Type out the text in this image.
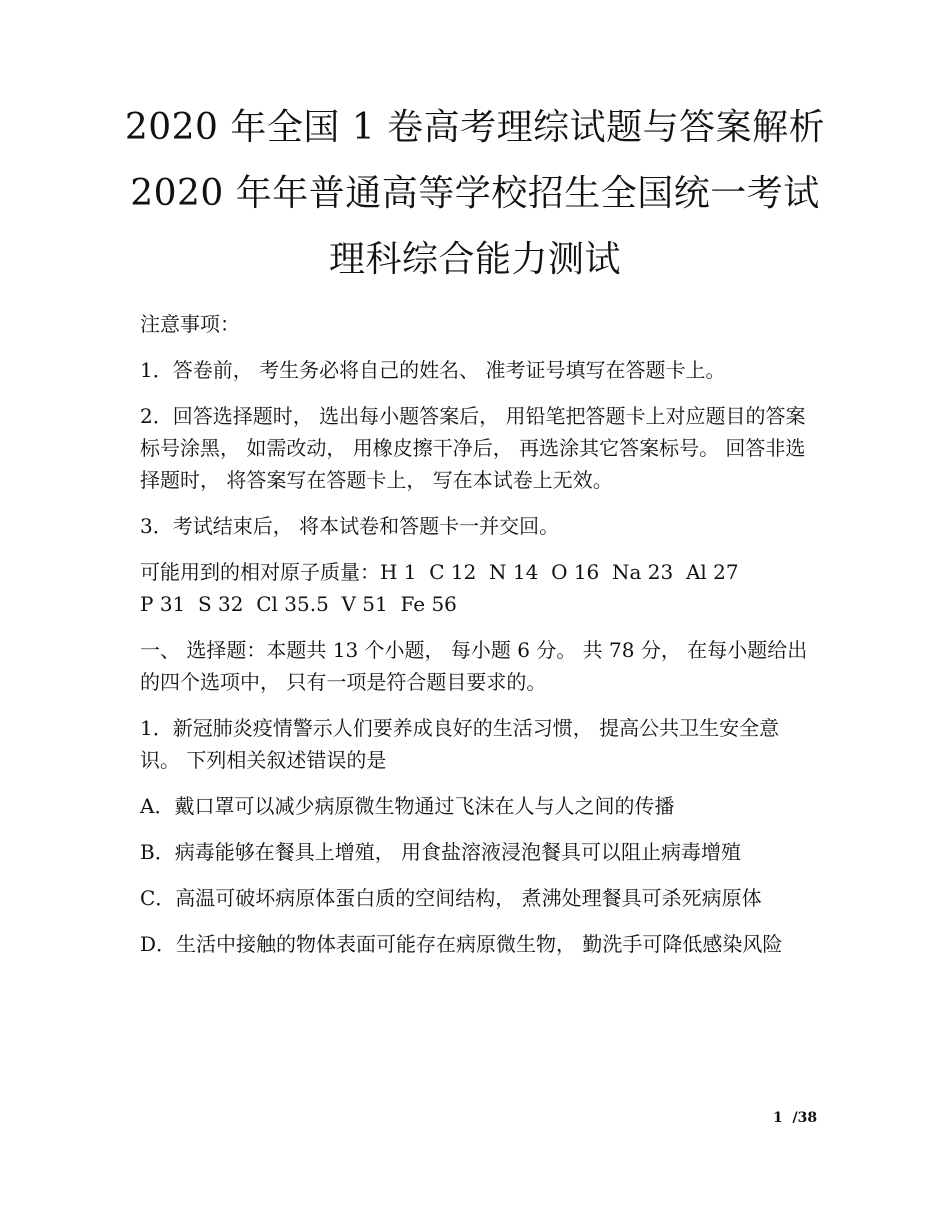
2020 年全国 1 卷高考理综试题与答案解析
2020 年年普通高等学校招生全国统一考试
理科综合能力测试

注意事项：

1．答卷前， 考生务必将自己的姓名、 准考证号填写在答题卡上。

2．回答选择题时， 选出每小题答案后， 用铅笔把答题卡上对应题目的答案标号涂黑， 如需改动， 用橡皮擦干净后， 再选涂其它答案标号。 回答非选择题时， 将答案写在答题卡上， 写在本试卷上无效。

3．考试结束后， 将本试卷和答题卡一并交回。

可能用到的相对原子质量：H 1  C 12  N 14  O 16  Na 23  Al 27
P 31  S 32  Cl 35.5  V 51  Fe 56

一、 选择题：本题共 13 个小题， 每小题 6 分。 共 78 分， 在每小题给出的四个选项中， 只有一项是符合题目要求的。

1．新冠肺炎疫情警示人们要养成良好的生活习惯， 提高公共卫生安全意识。 下列相关叙述错误的是

A．戴口罩可以减少病原微生物通过飞沫在人与人之间的传播

B．病毒能够在餐具上增殖， 用食盐溶液浸泡餐具可以阻止病毒增殖

C．高温可破坏病原体蛋白质的空间结构， 煮沸处理餐具可杀死病原体

D．生活中接触的物体表面可能存在病原微生物， 勤洗手可降低感染风险

1  /38
